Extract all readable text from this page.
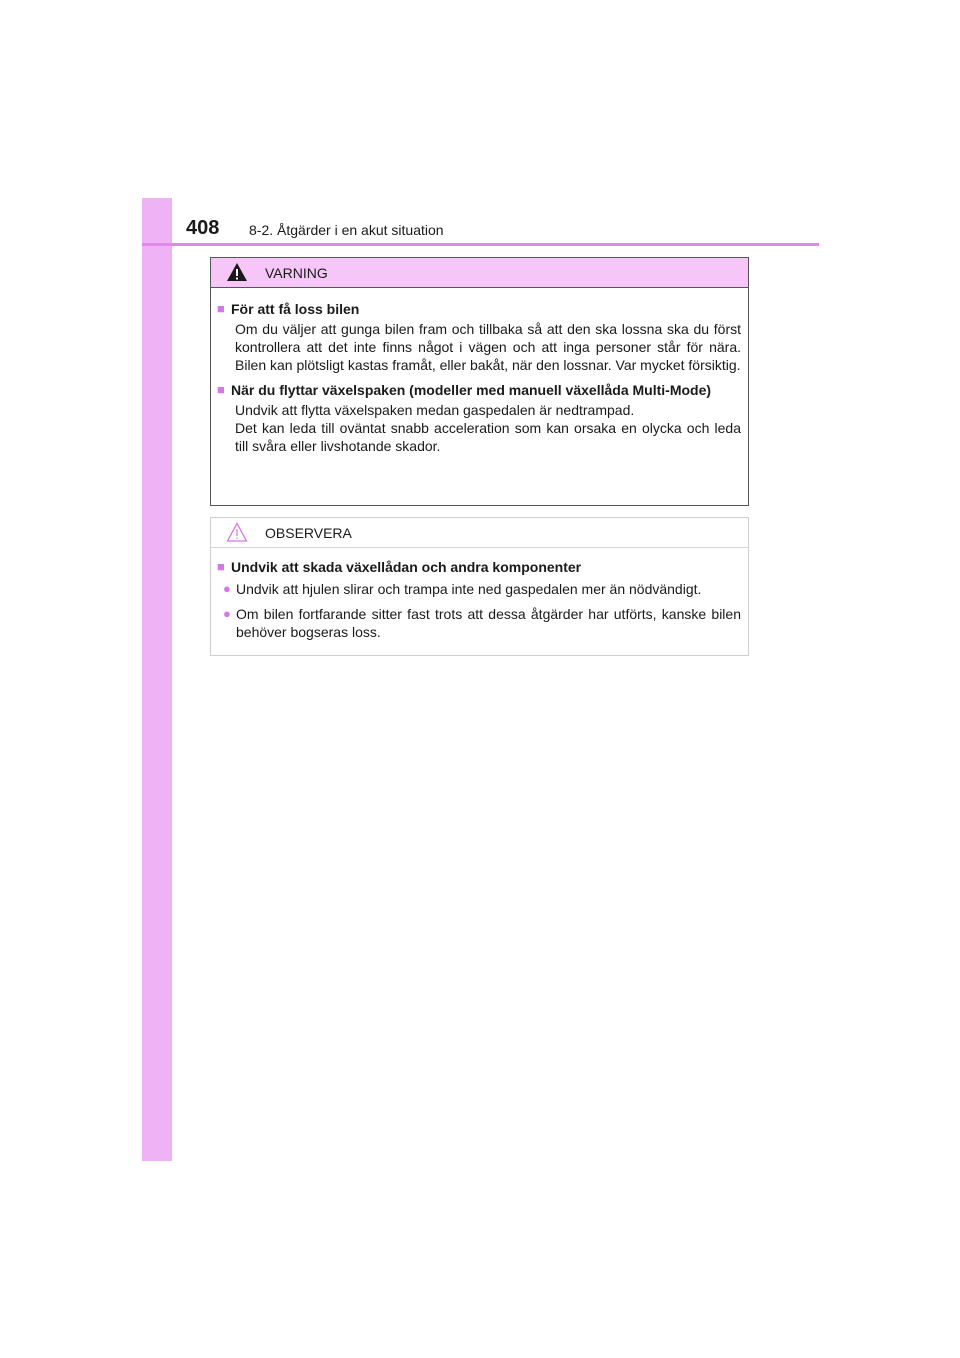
408 8-2. Åtgärder i en akut situation
VARNING
■ För att få loss bilen

Om du väljer att gunga bilen fram och tillbaka så att den ska lossna ska du först kontrollera att det inte finns något i vägen och att inga personer står för nära. Bilen kan plötsligt kastas framåt, eller bakåt, när den lossnar. Var mycket försiktig.

■ När du flyttar växelspaken (modeller med manuell växellåda Multi-Mode)

Undvik att flytta växelspaken medan gaspedalen är nedtrampad.

Det kan leda till oväntat snabb acceleration som kan orsaka en olycka och leda till svåra eller livshotande skador.

OBSERVERA
■ Undvik att skada växellådan och andra komponenter
● Undvik att hjulen slirar och trampa inte ned gaspedalen mer än nödvändigt.
● Om bilen fortfarande sitter fast trots att dessa åtgärder har utförts, kanske bilen behöver bogseras loss.
